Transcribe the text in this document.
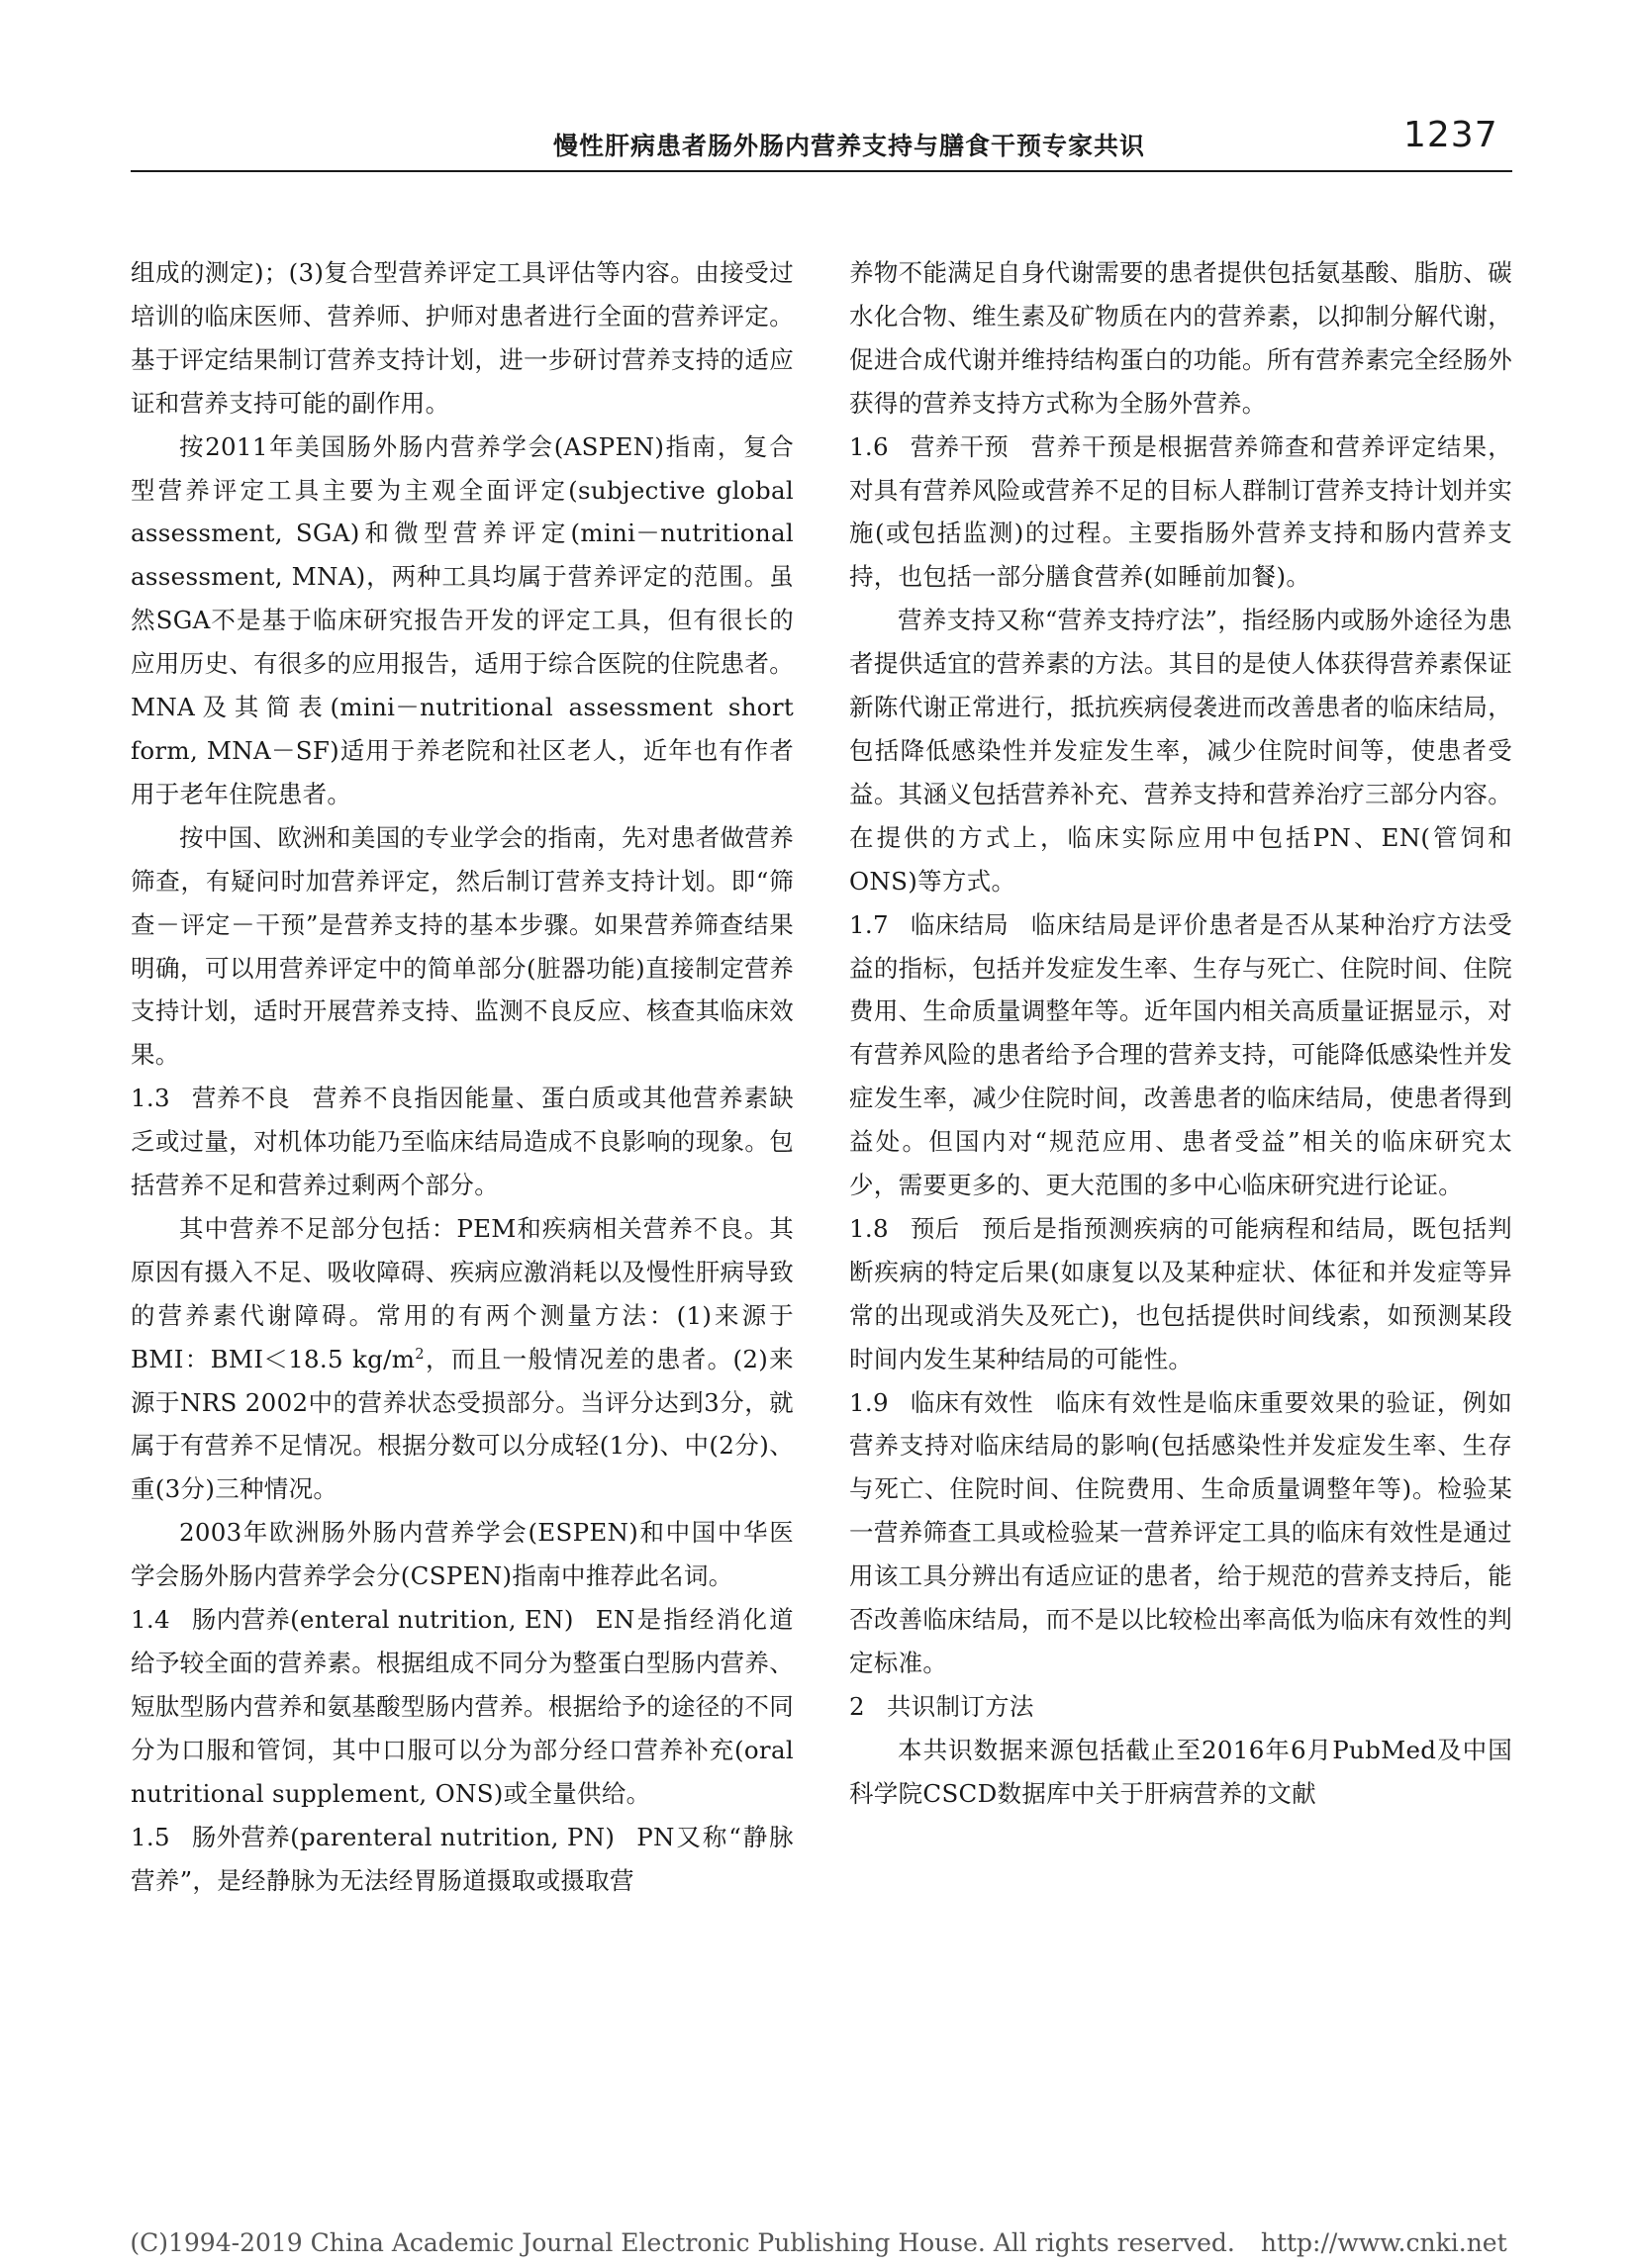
慢性肝病患者肠外肠内营养支持与膳食干预专家共识	1237

组成的测定)；(3)复合型营养评定工具评估等内容。由接受过培训的临床医师、营养师、护师对患者进行全面的营养评定。基于评定结果制订营养支持计划，进一步研讨营养支持的适应证和营养支持可能的副作用。

按2011年美国肠外肠内营养学会(ASPEN)指南，复合型营养评定工具主要为主观全面评定(subjective global assessment, SGA)和微型营养评定(mini－nutritional assessment, MNA)，两种工具均属于营养评定的范围。虽然SGA不是基于临床研究报告开发的评定工具，但有很长的应用历史、有很多的应用报告，适用于综合医院的住院患者。MNA及其简表(mini－nutritional assessment short form, MNA－SF)适用于养老院和社区老人，近年也有作者用于老年住院患者。

按中国、欧洲和美国的专业学会的指南，先对患者做营养筛查，有疑问时加营养评定，然后制订营养支持计划。即“筛查－评定－干预”是营养支持的基本步骤。如果营养筛查结果明确，可以用营养评定中的简单部分(脏器功能)直接制定营养支持计划，适时开展营养支持、监测不良反应、核查其临床效果。

1.3 营养不良 营养不良指因能量、蛋白质或其他营养素缺乏或过量，对机体功能乃至临床结局造成不良影响的现象。包括营养不足和营养过剩两个部分。

其中营养不足部分包括：PEM和疾病相关营养不良。其原因有摄入不足、吸收障碍、疾病应激消耗以及慢性肝病导致的营养素代谢障碍。常用的有两个测量方法：(1)来源于BMI：BMI＜18.5 $kg/m^2$，而且一般情况差的患者。(2)来源于NRS 2002中的营养状态受损部分。当评分达到3分，就属于有营养不足情况。根据分数可以分成轻(1分)、中(2分)、重(3分)三种情况。

2003年欧洲肠外肠内营养学会(ESPEN)和中国中华医学会肠外肠内营养学会分(CSPEN)指南中推荐此名词。

1.4 肠内营养(enteral nutrition, EN) EN是指经消化道给予较全面的营养素。根据组成不同分为整蛋白型肠内营养、短肽型肠内营养和氨基酸型肠内营养。根据给予的途径的不同分为口服和管饲，其中口服可以分为部分经口营养补充(oral nutritional supplement, ONS)或全量供给。

1.5 肠外营养(parenteral nutrition, PN) PN又称“静脉营养”，是经静脉为无法经胃肠道摄取或摄取营

养物不能满足自身代谢需要的患者提供包括氨基酸、脂肪、碳水化合物、维生素及矿物质在内的营养素，以抑制分解代谢，促进合成代谢并维持结构蛋白的功能。所有营养素完全经肠外获得的营养支持方式称为全肠外营养。

1.6 营养干预 营养干预是根据营养筛查和营养评定结果，对具有营养风险或营养不足的目标人群制订营养支持计划并实施(或包括监测)的过程。主要指肠外营养支持和肠内营养支持，也包括一部分膳食营养(如睡前加餐)。

营养支持又称“营养支持疗法”，指经肠内或肠外途径为患者提供适宜的营养素的方法。其目的是使人体获得营养素保证新陈代谢正常进行，抵抗疾病侵袭进而改善患者的临床结局，包括降低感染性并发症发生率，减少住院时间等，使患者受益。其涵义包括营养补充、营养支持和营养治疗三部分内容。在提供的方式上，临床实际应用中包括PN、EN(管饲和ONS)等方式。

1.7 临床结局 临床结局是评价患者是否从某种治疗方法受益的指标，包括并发症发生率、生存与死亡、住院时间、住院费用、生命质量调整年等。近年国内相关高质量证据显示，对有营养风险的患者给予合理的营养支持，可能降低感染性并发症发生率，减少住院时间，改善患者的临床结局，使患者得到益处。但国内对“规范应用、患者受益”相关的临床研究太少，需要更多的、更大范围的多中心临床研究进行论证。

1.8 预后 预后是指预测疾病的可能病程和结局，既包括判断疾病的特定后果(如康复以及某种症状、体征和并发症等异常的出现或消失及死亡)，也包括提供时间线索，如预测某段时间内发生某种结局的可能性。

1.9 临床有效性 临床有效性是临床重要效果的验证，例如营养支持对临床结局的影响(包括感染性并发症发生率、生存与死亡、住院时间、住院费用、生命质量调整年等)。检验某一营养筛查工具或检验某一营养评定工具的临床有效性是通过用该工具分辨出有适应证的患者，给于规范的营养支持后，能否改善临床结局，而不是以比较检出率高低为临床有效性的判定标准。

2 共识制订方法

本共识数据来源包括截止至2016年6月PubMed及中国科学院CSCD数据库中关于肝病营养的文献

(C)1994-2019 China Academic Journal Electronic Publishing House. All rights reserved. http://www.cnki.net
